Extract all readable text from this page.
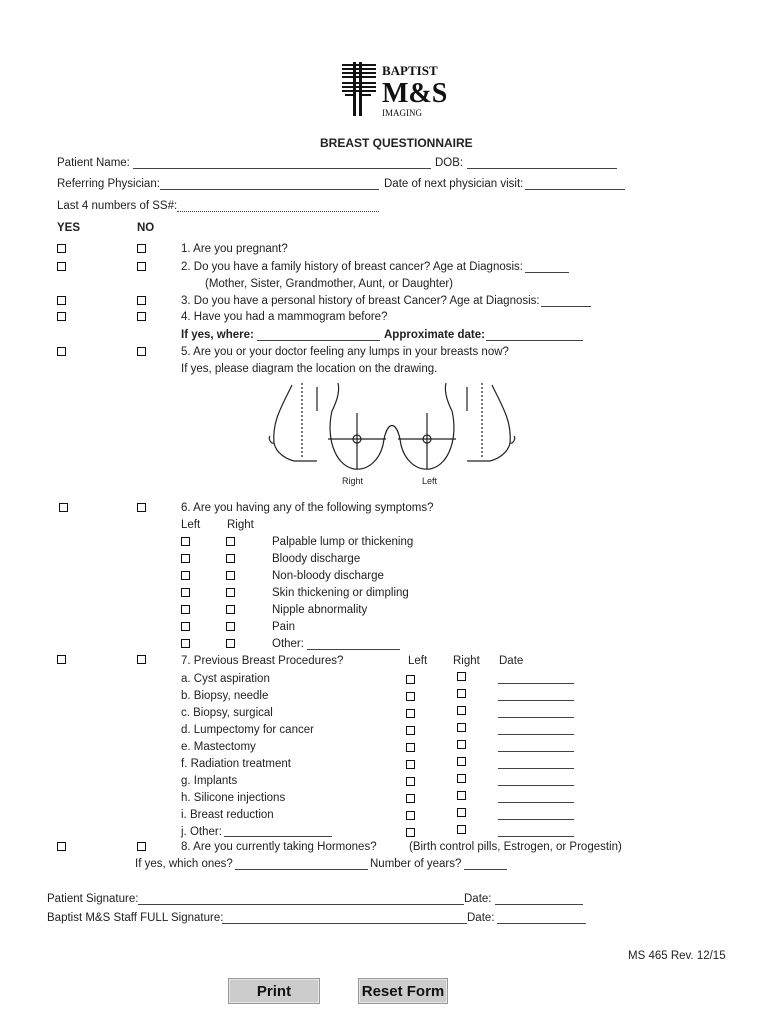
BAPTIST
M&S
IMAGING
BREAST QUESTIONNAIRE
Patient Name:	DOB:
Referring Physician:	Date of next physician visit:
Last 4 numbers of SS#:
YES	NO
1. Are you pregnant?
2. Do you have a family history of breast cancer? Age at Diagnosis:
(Mother, Sister, Grandmother, Aunt, or Daughter)
3. Do you have a personal history of breast Cancer? Age at Diagnosis:
4. Have you had a mammogram before?
If yes, where:	Approximate date:
5. Are you or your doctor feeling any lumps in your breasts now?
If yes, please diagram the location on the drawing.
Right	Left
6. Are you having any of the following symptoms?
Left Right
Palpable lump or thickening
Bloody discharge
Non-bloody discharge
Skin thickening or dimpling
Nipple abnormality
Pain
Other:
7. Previous Breast Procedures?	Left Right Date
a. Cyst aspiration
b. Biopsy, needle
c. Biopsy, surgical
d. Lumpectomy for cancer
e. Mastectomy
f. Radiation treatment
g. Implants
h. Silicone injections
i. Breast reduction
j. Other:
8. Are you currently taking Hormones?	(Birth control pills, Estrogen, or Progestin)
If yes, which ones?	Number of years?
Patient Signature:	Date:
Baptist M&S Staff FULL Signature:	Date:
MS 465 Rev. 12/15
Print	Reset Form
